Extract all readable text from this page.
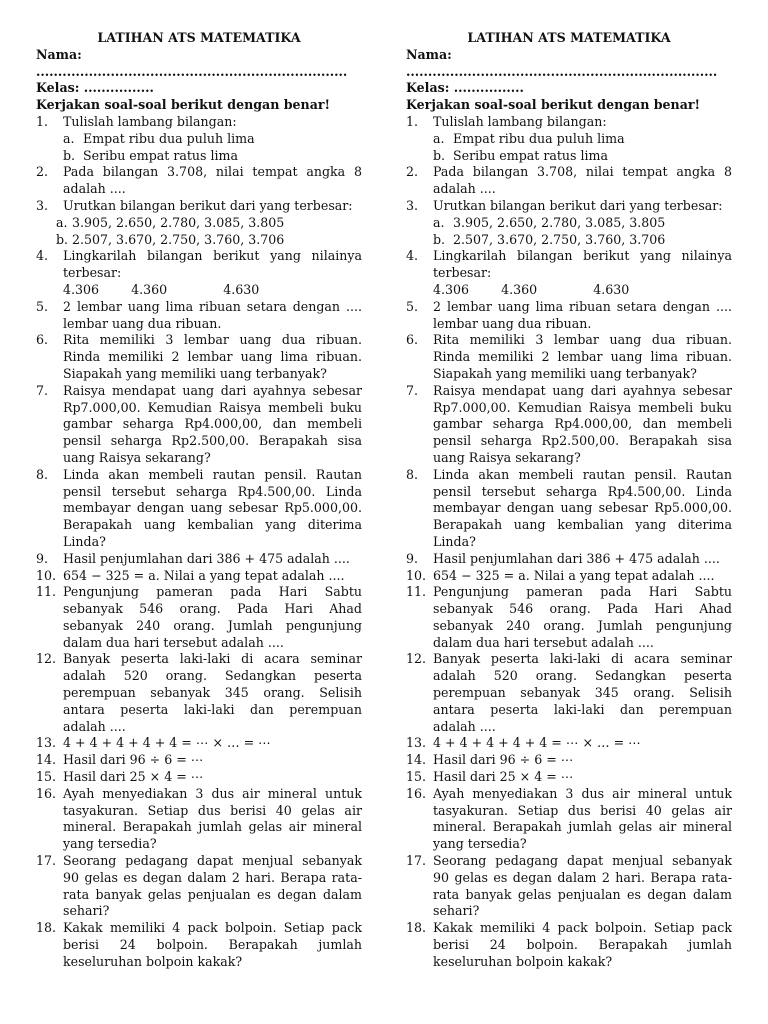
LATIHAN ATS MATEMATIKA
Nama: .......................................................................
Kelas: ................
Kerjakan soal-soal berikut dengan benar!
1. Tulislah lambang bilangan:
a. Empat ribu dua puluh lima
b. Seribu empat ratus lima
2. Pada bilangan 3.708, nilai tempat angka 8 adalah ....
3. Urutkan bilangan berikut dari yang terbesar:
a. 3.905, 2.650, 2.780, 3.085, 3.805
b. 2.507, 3.670, 2.750, 3.760, 3.706
4. Lingkarilah bilangan berikut yang nilainya terbesar:
4.306	4.360	4.630
5. 2 lembar uang lima ribuan setara dengan .... lembar uang dua ribuan.
6. Rita memiliki 3 lembar uang dua ribuan. Rinda memiliki 2 lembar uang lima ribuan. Siapakah yang memiliki uang terbanyak?
7. Raisya mendapat uang dari ayahnya sebesar Rp7.000,00. Kemudian Raisya membeli buku gambar seharga Rp4.000,00, dan membeli pensil seharga Rp2.500,00. Berapakah sisa uang Raisya sekarang?
8. Linda akan membeli rautan pensil. Rautan pensil tersebut seharga Rp4.500,00. Linda membayar dengan uang sebesar Rp5.000,00. Berapakah uang kembalian yang diterima Linda?
9. Hasil penjumlahan dari 386 + 475 adalah ....
10. 654 − 325 = a. Nilai a yang tepat adalah ....
11. Pengunjung pameran pada Hari Sabtu sebanyak 546 orang. Pada Hari Ahad sebanyak 240 orang. Jumlah pengunjung dalam dua hari tersebut adalah ....
12. Banyak peserta laki-laki di acara seminar adalah 520 orang. Sedangkan peserta perempuan sebanyak 345 orang. Selisih antara peserta laki-laki dan perempuan adalah ....
13. 4 + 4 + 4 + 4 + 4 = ⋯ × … = ⋯
14. Hasil dari 96 ÷ 6 = ⋯
15. Hasil dari 25 × 4 = ⋯
16. Ayah menyediakan 3 dus air mineral untuk tasyakuran. Setiap dus berisi 40 gelas air mineral. Berapakah jumlah gelas air mineral yang tersedia?
17. Seorang pedagang dapat menjual sebanyak 90 gelas es degan dalam 2 hari. Berapa rata-rata banyak gelas penjualan es degan dalam sehari?
18. Kakak memiliki 4 pack bolpoin. Setiap pack berisi 24 bolpoin. Berapakah jumlah keseluruhan bolpoin kakak?
LATIHAN ATS MATEMATIKA
Nama: .......................................................................
Kelas: ................
Kerjakan soal-soal berikut dengan benar!
1. Tulislah lambang bilangan:
a. Empat ribu dua puluh lima
b. Seribu empat ratus lima
2. Pada bilangan 3.708, nilai tempat angka 8 adalah ....
3. Urutkan bilangan berikut dari yang terbesar:
a. 3.905, 2.650, 2.780, 3.085, 3.805
b. 2.507, 3.670, 2.750, 3.760, 3.706
4. Lingkarilah bilangan berikut yang nilainya terbesar:
4.306	4.360	4.630
5. 2 lembar uang lima ribuan setara dengan .... lembar uang dua ribuan.
6. Rita memiliki 3 lembar uang dua ribuan. Rinda memiliki 2 lembar uang lima ribuan. Siapakah yang memiliki uang terbanyak?
7. Raisya mendapat uang dari ayahnya sebesar Rp7.000,00. Kemudian Raisya membeli buku gambar seharga Rp4.000,00, dan membeli pensil seharga Rp2.500,00. Berapakah sisa uang Raisya sekarang?
8. Linda akan membeli rautan pensil. Rautan pensil tersebut seharga Rp4.500,00. Linda membayar dengan uang sebesar Rp5.000,00. Berapakah uang kembalian yang diterima Linda?
9. Hasil penjumlahan dari 386 + 475 adalah ....
10. 654 − 325 = a. Nilai a yang tepat adalah ....
11. Pengunjung pameran pada Hari Sabtu sebanyak 546 orang. Pada Hari Ahad sebanyak 240 orang. Jumlah pengunjung dalam dua hari tersebut adalah ....
12. Banyak peserta laki-laki di acara seminar adalah 520 orang. Sedangkan peserta perempuan sebanyak 345 orang. Selisih antara peserta laki-laki dan perempuan adalah ....
13. 4 + 4 + 4 + 4 + 4 = ⋯ × … = ⋯
14. Hasil dari 96 ÷ 6 = ⋯
15. Hasil dari 25 × 4 = ⋯
16. Ayah menyediakan 3 dus air mineral untuk tasyakuran. Setiap dus berisi 40 gelas air mineral. Berapakah jumlah gelas air mineral yang tersedia?
17. Seorang pedagang dapat menjual sebanyak 90 gelas es degan dalam 2 hari. Berapa rata-rata banyak gelas penjualan es degan dalam sehari?
18. Kakak memiliki 4 pack bolpoin. Setiap pack berisi 24 bolpoin. Berapakah jumlah keseluruhan bolpoin kakak?
